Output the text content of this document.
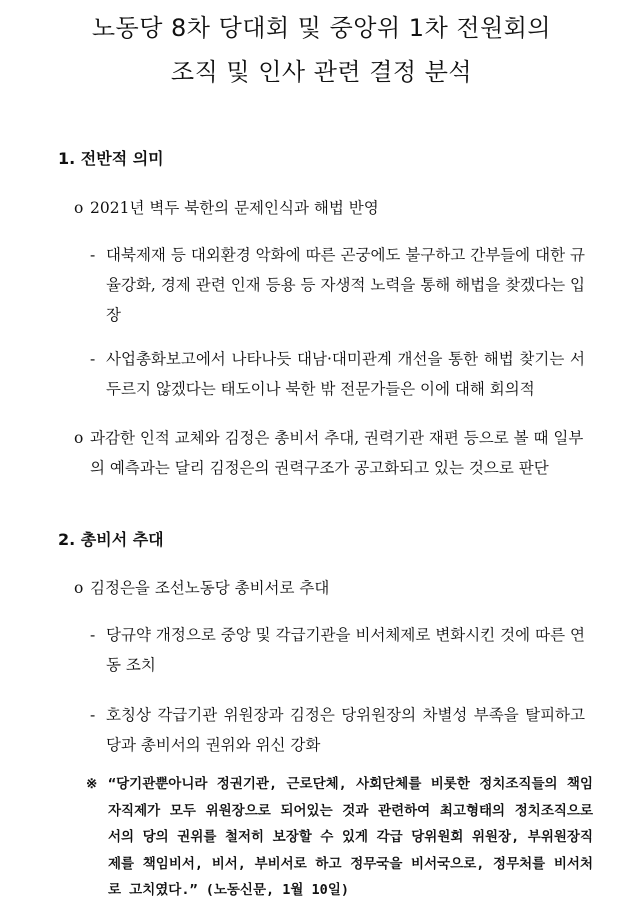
노동당 8차 당대회 및 중앙위 1차 전원회의
조직 및 인사 관련 결정 분석
1. 전반적 의미
o 2021년 벽두 북한의 문제인식과 해법 반영
- 대북제재 등 대외환경 악화에 따른 곤궁에도 불구하고 간부들에 대한 규율강화, 경제 관련 인재 등용 등 자생적 노력을 통해 해법을 찾겠다는 입장
- 사업총화보고에서 나타나듯 대남·대미관계 개선을 통한 해법 찾기는 서두르지 않겠다는 태도이나 북한 밖 전문가들은 이에 대해 회의적
o 과감한 인적 교체와 김정은 총비서 추대, 권력기관 재편 등으로 볼 때 일부의 예측과는 달리 김정은의 권력구조가 공고화되고 있는 것으로 판단
2. 총비서 추대
o 김정은을 조선노동당 총비서로 추대
- 당규약 개정으로 중앙 및 각급기관을 비서체제로 변화시킨 것에 따른 연동 조치
- 호칭상 각급기관 위원장과 김정은 당위원장의 차별성 부족을 탈피하고 당과 총비서의 권위와 위신 강화
※ “당기관뿐아니라 정권기관, 근로단체, 사회단체를 비롯한 정치조직들의 책임자직제가 모두 위원장으로 되어있는 것과 관련하여 최고형태의 정치조직으로서의 당의 권위를 철저히 보장할 수 있게 각급 당위원회 위원장, 부위원장직제를 책임비서, 비서, 부비서로 하고 정무국을 비서국으로, 정무처를 비서처로 고치였다.” (노동신문, 1월 10일)
